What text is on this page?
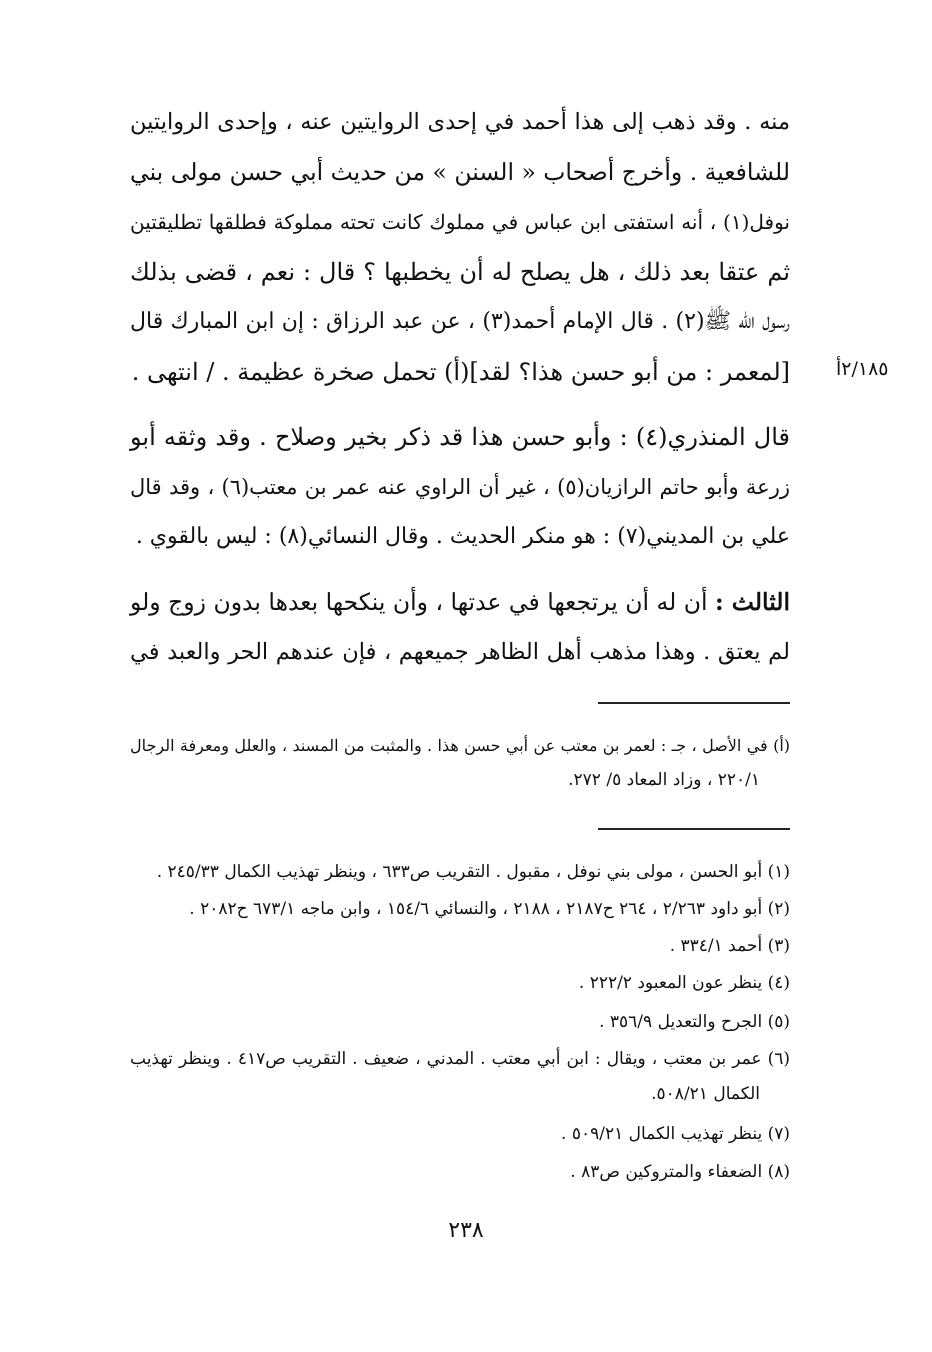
منه . وقد ذهب إلى هذا أحمد في إحدى الروايتين عنه ، وإحدى الروايتين
للشافعية . وأخرج أصحاب « السنن » من حديث أبي حسن مولى بني
نوفل(١) ، أنه استفتى ابن عباس في مملوك كانت تحته مملوكة فطلقها تطليقتين
ثم عتقا بعد ذلك ، هل يصلح له أن يخطبها ؟ قال : نعم ، قضى بذلك
رسول الله ﷺ(٢) . قال الإمام أحمد(٣) ، عن عبد الرزاق : إن ابن المبارك قال
[لمعمر : من أبو حسن هذا؟ لقد](أ) تحمل صخرة عظيمة . / انتهى . ٢/١٨٥أ
قال المنذري(٤) : وأبو حسن هذا قد ذكر بخير وصلاح . وقد وثقه أبو
زرعة وأبو حاتم الرازيان(٥) ، غير أن الراوي عنه عمر بن معتب(٦) ، وقد قال
علي بن المديني(٧) : هو منكر الحديث . وقال النسائي(٨) : ليس بالقوي .
الثالث : أن له أن يرتجعها في عدتها ، وأن ينكحها بعدها بدون زوج ولو
لم يعتق . وهذا مذهب أهل الظاهر جميعهم ، فإن عندهم الحر والعبد في
(أ) في الأصل ، جـ : لعمر بن معتب عن أبي حسن هذا . والمثبت من المسند ، والعلل ومعرفة الرجال
٢٢٠/١ ، وزاد المعاد ٥/ ٢٧٢.
(١) أبو الحسن ، مولى بني نوفل ، مقبول . التقريب ص٦٣٣ ، وينظر تهذيب الكمال ٢٤٥/٣٣ .
(٢) أبو داود ٢/٢٦٣ ، ٢٦٤ ح٢١٨٧ ، ٢١٨٨ ، والنسائي ١٥٤/٦ ، وابن ماجه ٦٧٣/١ ح٢٠٨٢ .
(٣) أحمد ٣٣٤/١ .
(٤) ينظر عون المعبود ٢٢٢/٢ .
(٥) الجرح والتعديل ٣٥٦/٩ .
(٦) عمر بن معتب ، ويقال : ابن أبي معتب . المدني ، ضعيف . التقريب ص٤١٧ . وينظر تهذيب
الكمال ٥٠٨/٢١.
(٧) ينظر تهذيب الكمال ٥٠٩/٢١ .
(٨) الضعفاء والمتروكين ص٨٣ .
٢٣٨
